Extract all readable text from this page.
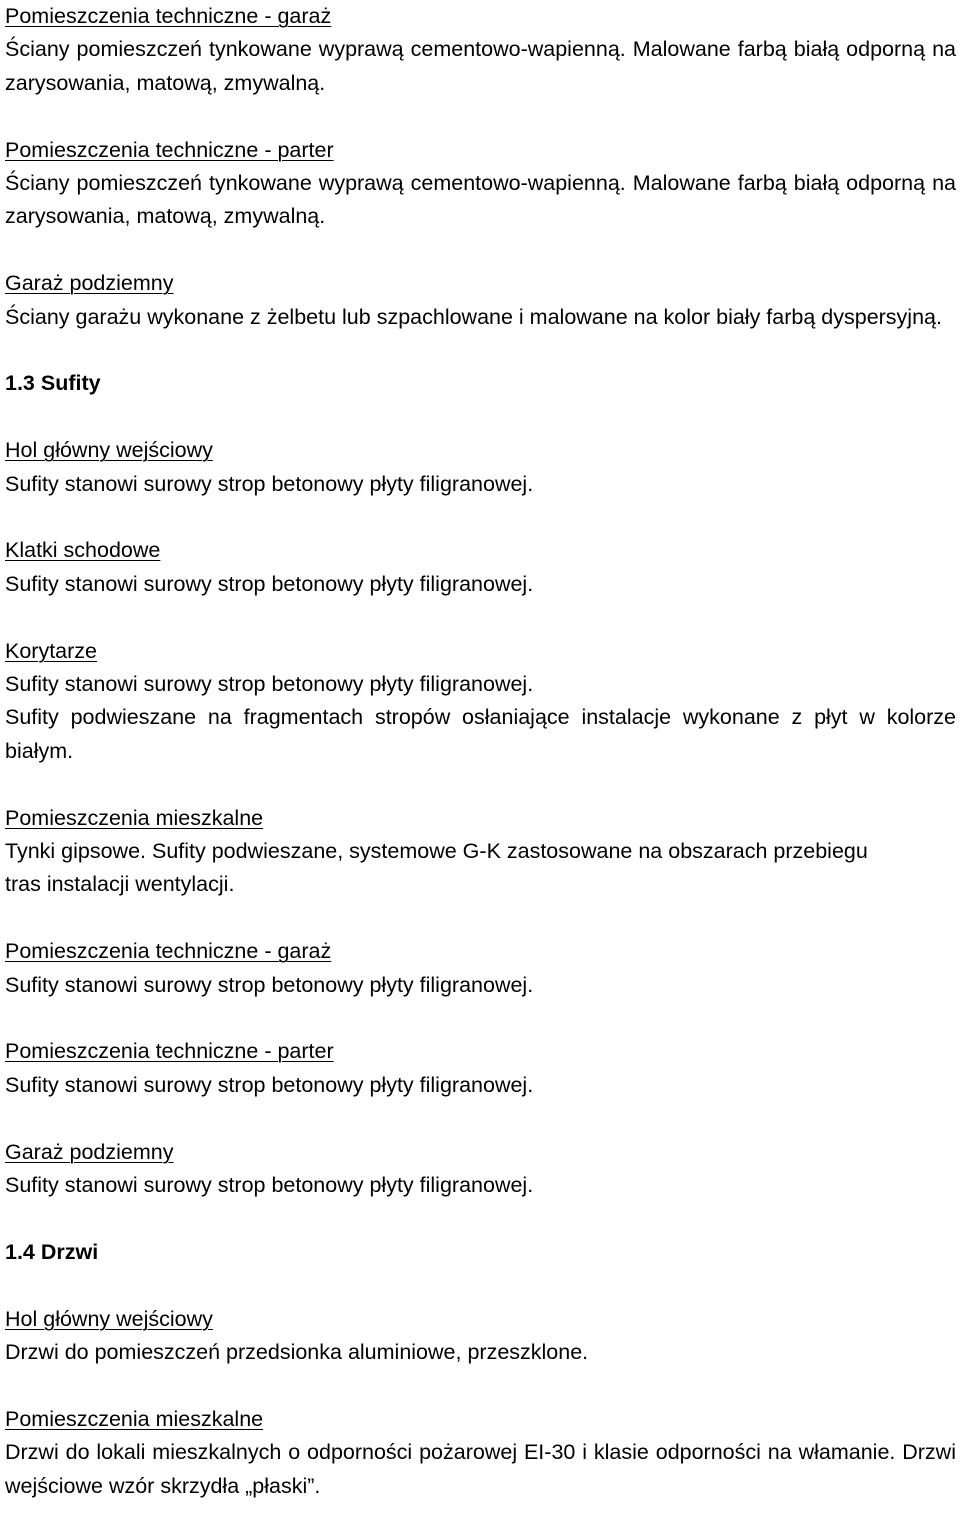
Pomieszczenia techniczne - garaż

Ściany pomieszczeń tynkowane wyprawą cementowo-wapienną. Malowane farbą białą odporną na zarysowania, matową, zmywalną.

Pomieszczenia techniczne - parter

Ściany pomieszczeń tynkowane wyprawą cementowo-wapienną. Malowane farbą białą odporną na zarysowania, matową, zmywalną.

Garaż podziemny

Ściany garażu wykonane z żelbetu lub szpachlowane i malowane na kolor biały farbą dyspersyjną.

1.3 Sufity

Hol główny wejściowy

Sufity stanowi surowy strop betonowy płyty filigranowej.

Klatki schodowe

Sufity stanowi surowy strop betonowy płyty filigranowej.

Korytarze

Sufity stanowi surowy strop betonowy płyty filigranowej.

Sufity podwieszane na fragmentach stropów osłaniające instalacje wykonane z płyt w kolorze białym.

Pomieszczenia mieszkalne

Tynki gipsowe. Sufity podwieszane, systemowe G-K zastosowane na obszarach przebiegu tras instalacji wentylacji.

Pomieszczenia techniczne - garaż

Sufity stanowi surowy strop betonowy płyty filigranowej.

Pomieszczenia techniczne - parter

Sufity stanowi surowy strop betonowy płyty filigranowej.

Garaż podziemny

Sufity stanowi surowy strop betonowy płyty filigranowej.

1.4 Drzwi

Hol główny wejściowy

Drzwi do pomieszczeń przedsionka aluminiowe, przeszklone.

Pomieszczenia mieszkalne

Drzwi do lokali mieszkalnych o odporności pożarowej EI-30 i klasie odporności na włamanie. Drzwi wejściowe wzór skrzydła „płaski”.
